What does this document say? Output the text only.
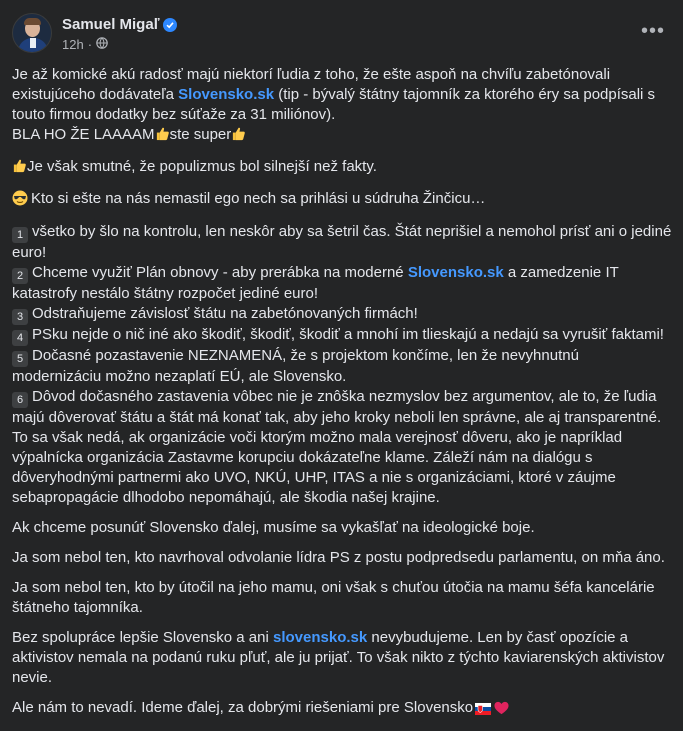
Samuel Migaľ
12h ·
•••

Je až komické akú radosť majú niektorí ľudia z toho, že ešte aspoň na chvíľu zabetónovali existujúceho dodávateľa Slovensko.sk (tip - bývalý štátny tajomník za ktorého éry sa podpísali s touto firmou dodatky bez súťaže za 31 miliónov).
BLA HO ŽE LAAAAM ste super

Je však smutné, že populizmus bol silnejší než fakty.

Kto si ešte na nás nemastil ego nech sa prihlási u súdruha Žinčicu…

1 všetko by šlo na kontrolu, len neskôr aby sa šetril čas. Štát neprišiel a nemohol prísť ani o jediné euro!

2 Chceme využiť Plán obnovy - aby prerábka na moderné Slovensko.sk a zamedzenie IT katastrofy nestálo štátny rozpočet jediné euro!

3 Odstraňujeme závislosť štátu na zabetónovaných firmách!

4 PSku nejde o nič iné ako škodiť, škodiť, škodiť a mnohí im tlieskajú a nedajú sa vyrušiť faktami!

5 Dočasné pozastavenie NEZNAMENÁ, že s projektom končíme, len že nevyhnutnú modernizáciu možno nezaplatí EÚ, ale Slovensko.

6 Dôvod dočasného zastavenia vôbec nie je znôška nezmyslov bez argumentov, ale to, že ľudia majú dôverovať štátu a štát má konať tak, aby jeho kroky neboli len správne, ale aj transparentné. To sa však nedá, ak organizácie voči ktorým možno mala verejnosť dôveru, ako je napríklad výpalnícka organizácia Zastavme korupciu dokázateľne klame. Záleží nám na dialógu s dôveryhodnými partnermi ako UVO, NKÚ, UHP, ITAS a nie s organizáciami, ktoré v záujme sebapropagácie dlhodobo nepomáhajú, ale škodia našej krajine.

Ak chceme posunúť Slovensko ďalej, musíme sa vykašľať na ideologické boje.

Ja som nebol ten, kto navrhoval odvolanie lídra PS z postu podpredsedu parlamentu, on mňa áno.

Ja som nebol ten, kto by útočil na jeho mamu, oni však s chuťou útočia na mamu šéfa kancelárie štátneho tajomníka.

Bez spolupráce lepšie Slovensko a ani slovensko.sk nevybudujeme. Len by časť opozície a aktivistov nemala na podanú ruku pľuť, ale ju prijať. To však nikto z týchto kaviarenských aktivistov nevie.

Ale nám to nevadí. Ideme ďalej, za dobrými riešeniami pre Slovensko
